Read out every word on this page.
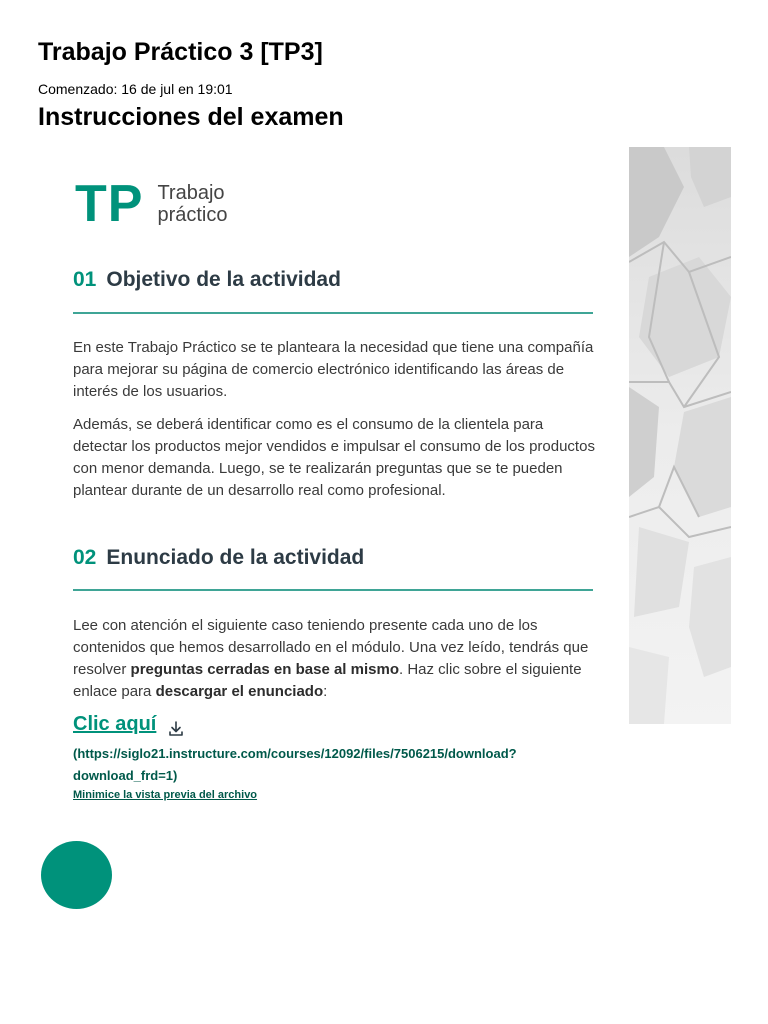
Trabajo Práctico 3 [TP3]
Comenzado: 16 de jul en 19:01
Instrucciones del examen
TP Trabajo
práctico
01 Objetivo de la actividad

En este Trabajo Práctico se te planteara la necesidad que tiene una compañía para mejorar su página de comercio electrónico identificando las áreas de interés de los usuarios.

Además, se deberá identificar como es el consumo de la clientela para detectar los productos mejor vendidos e impulsar el consumo de los productos con menor demanda. Luego, se te realizarán preguntas que se te pueden plantear durante de un desarrollo real como profesional.

02 Enunciado de la actividad

Lee con atención el siguiente caso teniendo presente cada uno de los contenidos que hemos desarrollado en el módulo. Una vez leído, tendrás que resolver preguntas cerradas en base al mismo. Haz clic sobre el siguiente enlace para descargar el enunciado:

Clic aquí
(https://siglo21.instructure.com/courses/12092/files/7506215/download?download_frd=1)
Minimice la vista previa del archivo
